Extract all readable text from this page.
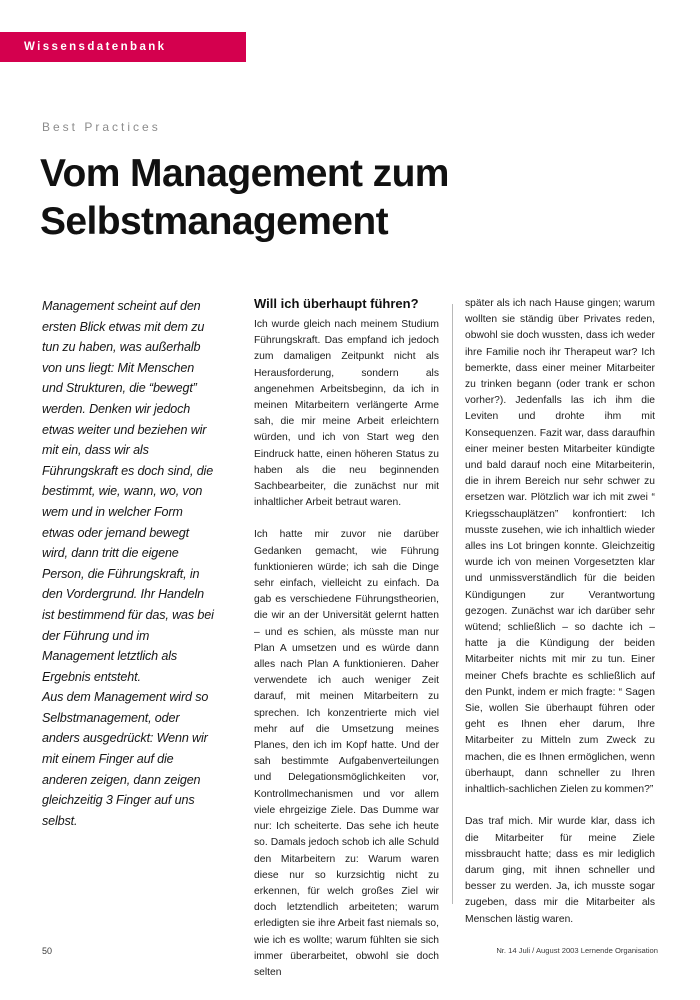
Wissensdatenbank
Best Practices
Vom Management zum
Selbstmanagement

Management scheint auf den ersten Blick etwas mit dem zu tun zu haben, was außerhalb von uns liegt: Mit Menschen und Strukturen, die “bewegt” werden. Denken wir jedoch etwas weiter und beziehen wir mit ein, dass wir als Führungskraft es doch sind, die bestimmt, wie, wann, wo, von wem und in welcher Form etwas oder jemand bewegt wird, dann tritt die eigene Person, die Führungskraft, in den Vordergrund. Ihr Handeln ist bestimmend für das, was bei der Führung und im Management letztlich als Ergebnis entsteht.

Aus dem Management wird so Selbstmanagement, oder anders ausgedrückt: Wenn wir mit einem Finger auf die anderen zeigen, dann zeigen gleichzeitig 3 Finger auf uns selbst.

Will ich überhaupt führen?

Ich wurde gleich nach meinem Studium Führungskraft. Das empfand ich jedoch zum damaligen Zeitpunkt nicht als Herausforderung, sondern als angenehmen Arbeitsbeginn, da ich in meinen Mitarbeitern verlängerte Arme sah, die mir meine Arbeit erleichtern würden, und ich von Start weg den Eindruck hatte, einen höheren Status zu haben als die neu beginnenden Sachbearbeiter, die zunächst nur mit inhaltlicher Arbeit betraut waren.

Ich hatte mir zuvor nie darüber Gedanken gemacht, wie Führung funktionieren würde; ich sah die Dinge sehr einfach, vielleicht zu einfach. Da gab es verschiedene Führungstheorien, die wir an der Universität gelernt hatten – und es schien, als müsste man nur Plan A umsetzen und es würde dann alles nach Plan A funktionieren. Daher verwendete ich auch weniger Zeit darauf, mit meinen Mitarbeitern zu sprechen. Ich konzentrierte mich viel mehr auf die Umsetzung meines Planes, den ich im Kopf hatte. Und der sah bestimmte Aufgabenverteilungen und Delegationsmöglichkeiten vor, Kontrollmechanismen und vor allem viele ehrgeizige Ziele. Das Dumme war nur: Ich scheiterte. Das sehe ich heute so. Damals jedoch schob ich alle Schuld den Mitarbeitern zu: Warum waren diese nur so kurzsichtig nicht zu erkennen, für welch großes Ziel wir doch letztendlich arbeiteten; warum erledigten sie ihre Arbeit fast niemals so, wie ich es wollte; warum fühlten sie sich immer überarbeitet, obwohl sie doch selten

später als ich nach Hause gingen; warum wollten sie ständig über Privates reden, obwohl sie doch wussten, dass ich weder ihre Familie noch ihr Therapeut war? Ich bemerkte, dass einer meiner Mitarbeiter zu trinken begann (oder trank er schon vorher?). Jedenfalls las ich ihm die Leviten und drohte ihm mit Konsequenzen. Fazit war, dass daraufhin einer meiner besten Mitarbeiter kündigte und bald darauf noch eine Mitarbeiterin, die in ihrem Bereich nur sehr schwer zu ersetzen war. Plötzlich war ich mit zwei “ Kriegsschauplätzen” konfrontiert: Ich musste zusehen, wie ich inhaltlich wieder alles ins Lot bringen konnte. Gleichzeitig wurde ich von meinen Vorgesetzten klar und unmissverständlich für die beiden Kündigungen zur Verantwortung gezogen. Zunächst war ich darüber sehr wütend; schließlich – so dachte ich – hatte ja die Kündigung der beiden Mitarbeiter nichts mit mir zu tun. Einer meiner Chefs brachte es schließlich auf den Punkt, indem er mich fragte: “ Sagen Sie, wollen Sie überhaupt führen oder geht es Ihnen eher darum, Ihre Mitarbeiter zu Mitteln zum Zweck zu machen, die es Ihnen ermöglichen, wenn überhaupt, dann schneller zu Ihren inhaltlich-sachlichen Zielen zu kommen?”

Das traf mich. Mir wurde klar, dass ich die Mitarbeiter für meine Ziele missbraucht hatte; dass es mir lediglich darum ging, mit ihnen schneller und besser zu werden. Ja, ich musste sogar zugeben, dass mir die Mitarbeiter als Menschen lästig waren.

50	Nr. 14 Juli / August 2003 Lernende Organisation
